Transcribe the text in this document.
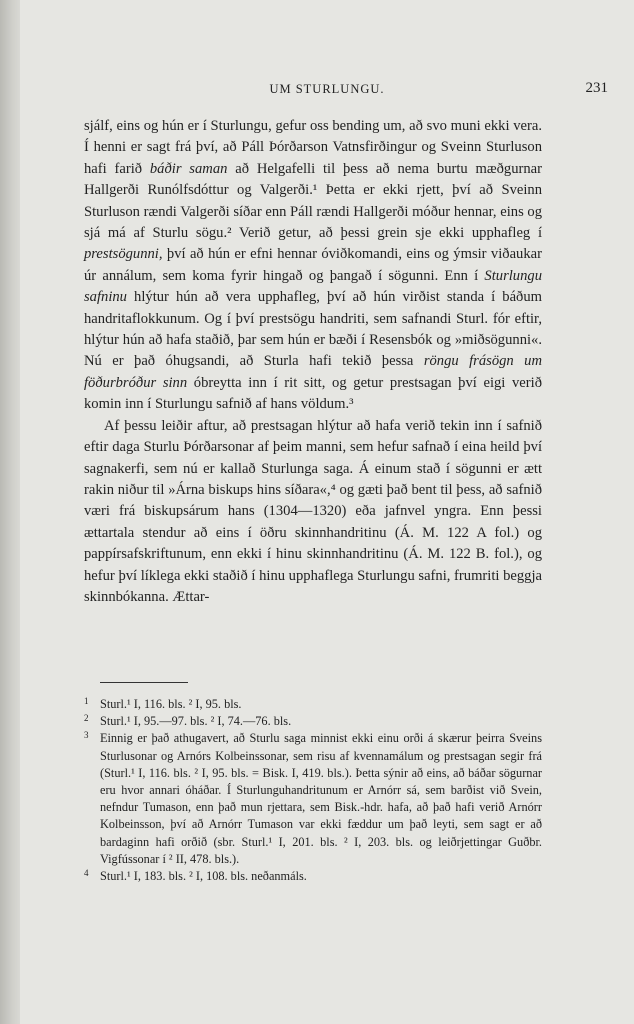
UM STURLUNGU.	231

sjálf, eins og hún er í Sturlungu, gefur oss bending um, að svo muni ekki vera. Í henni er sagt frá því, að Páll Þórðarson Vatnsfirðingur og Sveinn Sturluson hafi farið báðir saman að Helgafelli til þess að nema burtu mæðgurnar Hallgerði Runólfsdóttur og Valgerði.¹ Þetta er ekki rjett, því að Sveinn Sturluson rændi Valgerði síðar enn Páll rændi Hallgerði móður hennar, eins og sjá má af Sturlu sögu.² Verið getur, að þessi grein sje ekki upphafleg í prestsögunni, því að hún er efni hennar óviðkomandi, eins og ýmsir viðaukar úr annálum, sem koma fyrir hingað og þangað í sögunni. Enn í Sturlungu safninu hlýtur hún að vera upphafleg, því að hún virðist standa í báðum handritaflokkunum. Og í því prestsögu handriti, sem safnandi Sturl. fór eftir, hlýtur hún að hafa staðið, þar sem hún er bæði í Resensbók og »miðsögunni«. Nú er það óhugsandi, að Sturla hafi tekið þessa röngu frásögn um föðurbróður sinn óbreytta inn í rit sitt, og getur prestsagan því eigi verið komin inn í Sturlungu safnið af hans völdum.³

Af þessu leiðir aftur, að prestsagan hlýtur að hafa verið tekin inn í safnið eftir daga Sturlu Þórðarsonar af þeim manni, sem hefur safnað í eina heild því sagnakerfi, sem nú er kallað Sturlunga saga. Á einum stað í sögunni er ætt rakin niður til »Árna biskups hins síðara«,⁴ og gæti það bent til þess, að safnið væri frá biskupsárum hans (1304—1320) eða jafnvel yngra. Enn þessi ættartala stendur að eins í öðru skinnhandritinu (Á. M. 122 A fol.) og pappírsafskriftunum, enn ekki í hinu skinnhandritinu (Á. M. 122 B. fol.), og hefur því líklega ekki staðið í hinu upphaflega Sturlungu safni, frumriti beggja skinnbókanna. Ættar-

1 Sturl.¹ I, 116. bls. ² I, 95. bls.
2 Sturl.¹ I, 95.—97. bls. ² I, 74.—76. bls.
3 Einnig er það athugavert, að Sturlu saga minnist ekki einu orði á skærur þeirra Sveins Sturlusonar og Arnórs Kolbeinssonar, sem risu af kvennamálum og prestsagan segir frá (Sturl.¹ I, 116. bls. ² I, 95. bls. = Bisk. I, 419. bls.). Þetta sýnir að eins, að báðar sögurnar eru hvor annari óháðar. Í Sturlunguhandritunum er Arnórr sá, sem barðist við Svein, nefndur Tumason, enn það mun rjettara, sem Bisk.-hdr. hafa, að það hafi verið Arnórr Kolbeinsson, því að Arnórr Tumason var ekki fæddur um það leyti, sem sagt er að bardaginn hafi orðið (sbr. Sturl.¹ I, 201. bls. ² I, 203. bls. og leiðrjettingar Guðbr. Vigfússonar í ² II, 478. bls.).
4 Sturl.¹ I, 183. bls. ² I, 108. bls. neðanmáls.
